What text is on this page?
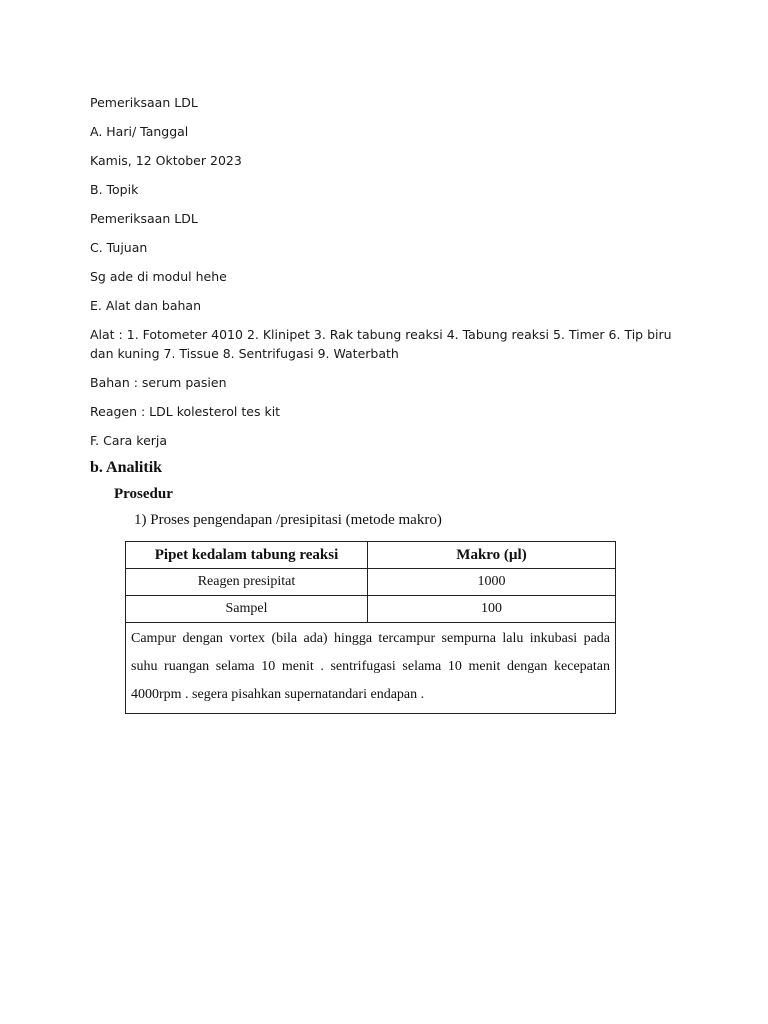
Pemeriksaan LDL
A. Hari/ Tanggal
Kamis, 12 Oktober 2023
B. Topik
Pemeriksaan LDL
C. Tujuan
Sg ade di modul hehe
E. Alat dan bahan
Alat : 1. Fotometer 4010 2. Klinipet 3. Rak tabung reaksi 4. Tabung reaksi 5. Timer 6. Tip biru dan kuning 7. Tissue 8. Sentrifugasi 9. Waterbath
Bahan : serum pasien
Reagen : LDL kolesterol tes kit
F. Cara kerja
b. Analitik
Prosedur
1) Proses pengendapan /presipitasi (metode makro)
Pipet kedalam tabung reaksi	Makro (µl)
Reagen presipitat	1000
Sampel	100
Campur dengan vortex (bila ada) hingga tercampur sempurna lalu inkubasi pada suhu ruangan selama 10 menit . sentrifugasi selama 10 menit dengan kecepatan 4000rpm . segera pisahkan supernatandari endapan .	
